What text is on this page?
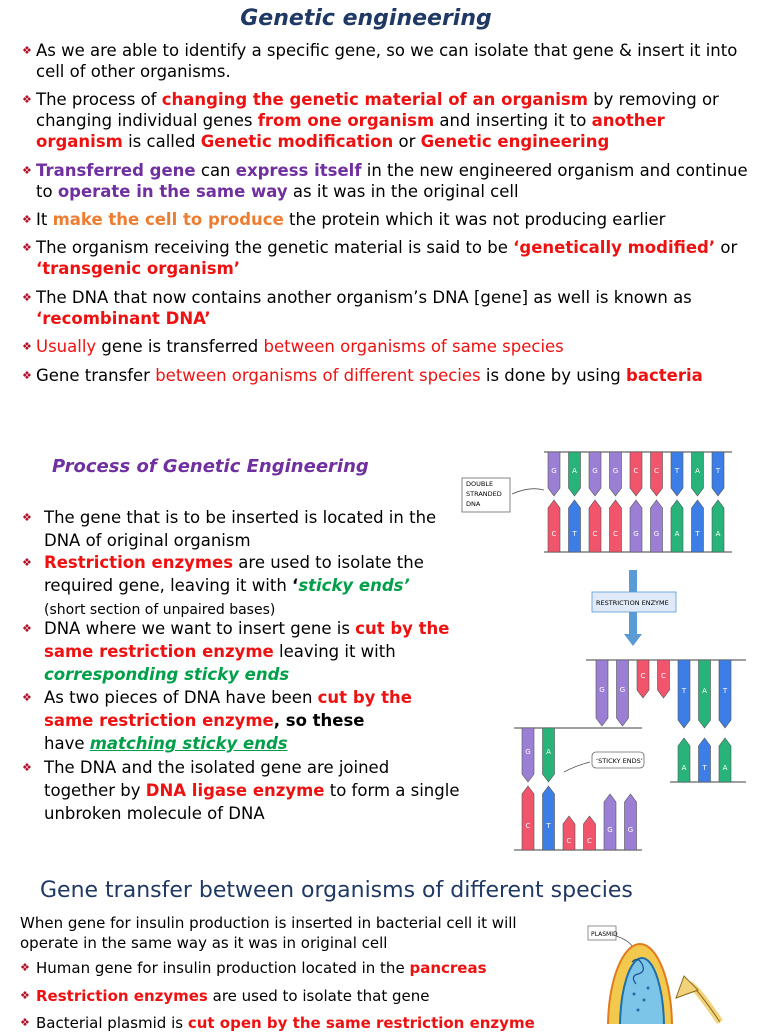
Genetic engineering
❖ As we are able to identify a specific gene, so we can isolate that gene & insert it into cell of other organisms.
❖ The process of changing the genetic material of an organism by removing or changing individual genes from one organism and inserting it to another organism is called Genetic modification or Genetic engineering
❖ Transferred gene can express itself in the new engineered organism and continue to operate in the same way as it was in the original cell
❖ It make the cell to produce the protein which it was not producing earlier
❖ The organism receiving the genetic material is said to be ‘genetically modified’ or ‘transgenic organism’
❖ The DNA that now contains another organism’s DNA [gene] as well is known as ‘recombinant DNA’
❖ Usually gene is transferred between organisms of same species
❖ Gene transfer between organisms of different species is done by using bacteria
Process of Genetic Engineering
❖ The gene that is to be inserted is located in the DNA of original organism
❖ Restriction enzymes are used to isolate the required gene, leaving it with ‘sticky ends’
(short section of unpaired bases)
❖ DNA where we want to insert gene is cut by the same restriction enzyme leaving it with corresponding sticky ends
❖ As two pieces of DNA have been cut by the same restriction enzyme, so these
have matching sticky ends
❖ The DNA and the isolated gene are joined together by DNA ligase enzyme to form a single unbroken molecule of DNA
G A G G C C T A T
C T C C G G A T A
DOUBLE
STRANDED
DNA
RESTRICTION ENZYME
G G
C C
T A T
A T A
G A
C T
C C
G G
‘STICKY ENDS’
Gene transfer between organisms of different species
When gene for insulin production is inserted in bacterial cell it will operate in the same way as it was in original cell
❖ Human gene for insulin production located in the pancreas
❖ Restriction enzymes are used to isolate that gene
❖ Bacterial plasmid is cut open by the same restriction enzyme
PLASMID
